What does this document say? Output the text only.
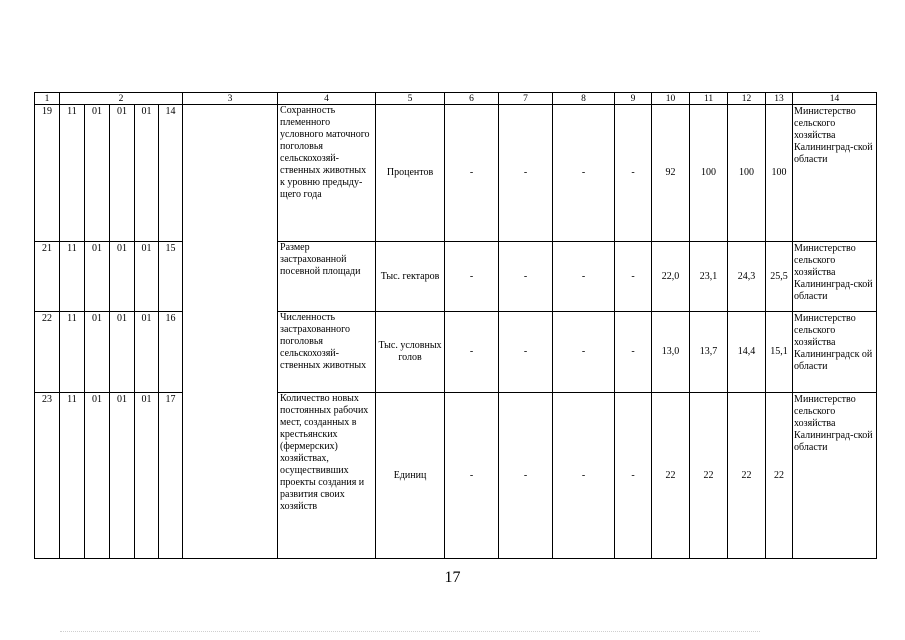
1	2					3	4	5	6	7	8	9	10	11	12	13	14
19	11	01	01	01	14		Сохранность племенного условного маточного поголовья сельскохозяй-ственных животных к уровню предыду-щего года	Процентов	-	-	-	-	92	100	100	100	Министерство сельского хозяйства Калининград-ской области
21	11	01	01	01	15		Размер застрахованной посевной площади	Тыс. гектаров	-	-	-	-	22,0	23,1	24,3	25,5	Министерство сельского хозяйства Калининград-ской области
22	11	01	01	01	16		Численность застрахованного поголовья сельскохозяй-ственных животных	Тыс. условных голов	-	-	-	-	13,0	13,7	14,4	15,1	Министерство сельского хозяйства Калининградск ой области
23	11	01	01	01	17		Количество новых постоянных рабочих мест, созданных в крестьянских (фермерских) хозяйствах, осуществивших проекты создания и развития своих хозяйств	Единиц	-	-	-	-	22	22	22	22	Министерство сельского хозяйства Калининград-ской области
17
